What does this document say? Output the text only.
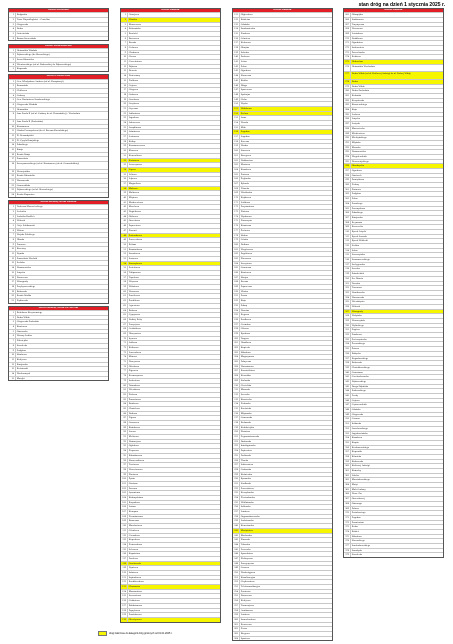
stan dróg na dzień 1 stycznia 2025 r.
DROGI KRAJOWE
1	Bulgarska
2	Trasa Niepodległości – Castellan
3	Głogowska
4	Dolna
5	Gniezieńska
6	Brama Szczecińska
DROGI WOJEWÓDZKIE
1	Hetmańska Wiadukt
2	Dąbrowskiego (do Słowackiego)
3	Szosa Obornicka
4	Wieniawskiego (od ul. Bukowskiej do Dąbrowskiego)
5	Kasprzaka
DROGI POWIATOWE
1	Gen. Władysława Andersa (od ul. Konspiracji)
2	Bosmańska
3	Chlebowa
4	Garbary
5	Gen. Kazimierza Sosnkowskiego
6	Głogowska Wiadukt
7	Hetmańska
8	Jana Pawła II (od ul. Garbary do ul. Hetmańskiej) - Wschodnia
9	Jana Pawła II (Zachodnia)
10	Kasztanowa
11	Głuska Przemysłowa (do ul. Boczna-Kowalskiego)
12	Pl. Bernardyński
13	Pl. Cyryla Ratajskiego
14	Pułaskiego
15	Rataje
16	Rondo Rataje
17	Zamenhofa
18	Szczepanowskiego (od ul. Kasztanowej do ul. Grunwaldzkiej)
19	Wenecjańska
20	Rondo Obornickie
21	Warszawska
22	Grunwaldzka
23	Dąbrowskiego (od ul. Słowackiego)
24	Rondo Kaponiera
DROGI WEWNĘTRZNE GMINNE
1	Tadeusza Mazowieckiego
2	Lechicka
3	Ludwika Braille'a
4	Wilczak
5	Aleje Solidarności
6	Witosa
7	Wojska Polskiego
8	Hlonda
9	Franowo
10	Krzesiny
11	Dymka
12	Zamenhofa Wschód
13	Serbska
14	Naramowicka
15	Lutycka
16	Dworcowa
17	Winogrady
18	Przybyszewskiego
19	Bukowska
20	Rondo Śródka
21	Piątkowska
DROGI WEWNĘTRZNE PRYWATNE
1	Bolesława Krzywoustego
2	Dolna Wilda
3	Głogowska Zachodnia
4	Krańcowa
5	Ostrowska
6	Wiosny Ludów
7	Półwiejska
8	Strzelecka
9	Podgórna
10	Skarbowa
11	Kolejowa
12	Ratajczaka
13	Kościuszki
14	Niezłomnych
15	Matejki
DROGI GMINNE
1	Akacjowa
2	Ułańska
3	Bluszczowa
4	Bobrzańska
5	Borówki
6	Brzozowa
7	Buczka
8	Cedrowa
9	Chabrowa
10	Cisowa
11	Czereśniowa
12	Dębowa
13	Derenia
14	Dziewanny
15	Fiołkowa
16	Gajowa
17	Głogowa
18	Grabowa
19	Grochowa
20	Grzybowa
21	Gryczana
22	Jabłoniowa
23	Jagodowa
24	Jałowcowa
25	Jarzębinowa
26	Jaśminowa
27	Jesionowa
28	Kaliny
29	Kasztanowcowa
30	Klonowa
31	Konwaliowa
32	Kwiatowa
33	Leszczynowa
34	Lipowa
35	Liliowa
36	Łąkowa
37	Magnoliowa
38	Makowa
39	Malinowa
40	Miętowa
41	Modrzewiowa
42	Morelowa
43	Nagietkowa
44	Olchowa
45	Orzechowa
46	Paprociowa
47	Piwonii
48	Poziomkowa
49	Porzeczkowa
50	Różana
51	Rumiankowa
52	Sasankowa
53	Sosnowa
54	Storczykowa
55	Świerkowa
56	Tulipanowa
57	Topolowa
58	Wiązowa
59	Wiśniowa
60	Wrzosowa
61	Zawilcowa
62	Żonkilowa
63	Agrestowa
64	Bukowa
65	Cyprysowa
66	Dzikiej Róży
67	Forsycjowa
68	Goździkowa
69	Hiacyntowa
70	Irysowa
71	Jodłowa
72	Kalinowa
73	Lawendowa
74	Mirtowa
75	Narcyzowa
76	Oliwkowa
77	Pigwowa
78	Rozmarynowa
79	Szałwiowa
80	Tatarakowa
81	Wierzbowa
82	Ziołowa
83	Żurawinowa
84	Bratkowa
85	Chmielowa
86	Daliowa
87	Figowa
88	Gruszowa
89	Kminkowa
90	Lnowa
91	Melisowa
92	Nasturcjowa
93	Ogórkowa
94	Pieprzowa
95	Rabarbarowa
96	Słonecznikowa
97	Trzcinowa
98	Wrzecionowa
99	Zbożowa
100	Żytnia
101	Owsiana
102	Pszenna
103	Jęczmienna
104	Kukurydziana
105	Rzepakowa
106	Lniana
107	Konopna
108	Ziemniaczana
109	Buraczana
110	Marchwiowa
111	Cebulowa
112	Czosnkowa
113	Koperkowa
114	Pietruszkowa
115	Selerowa
116	Kapuściana
117	Fasolowa
118	Grochowska
119	Dyniowa
120	Sałatowa
121	Szpinakowa
122	Rzodkiewkowa
123	Chrzanowa
124	Musztardowa
125	Szczawiowa
126	Cukiniowa
127	Bakłażanowa
128	Paprykowa
129	Pomidorowa
130	Oberżynowa
DROGI GMINNE
131	Olgierdowa
132	Rubieżna
133	Gdańska
134	Sandomierska
135	Piaskowa
136	Górnicza
137	Kolorowa
138	Okrężna
139	Szkolna
140	Parkowa
141	Leśna
142	Polna
143	Ogrodowa
144	Słoneczna
145	Krótka
146	Długa
147	Spacerowa
148	Spokojna
149	Cicha
150	Wąska
151	Widokowa
152	Zielona
153	Jasna
154	Wesoła
155	Miła
156	Pogodna
157	Łagodna
158	Rzeczna
159	Wodna
160	Stawowa
161	Brzegowa
162	Nadbrzeżna
163	Mostowa
164	Kanałowa
165	Portowa
166	Żeglarska
167	Rybacka
168	Flisacka
169	Wioślarska
170	Kajakowa
171	Łódkowa
172	Przystaniowa
173	Plażowa
174	Wydmowa
175	Piaszczysta
176	Kamienna
177	Żwirowa
178	Skalna
179	Górska
180	Dolinna
181	Wzgórzowa
182	Pagórkowa
183	Zboczowa
184	Szczytowa
185	Graniczna
186	Krańcowa
187	Skrajna
188	Boczna
189	Poprzeczna
190	Ukośna
191	Prosta
192	Kręta
193	Zakręt
194	Narożna
195	Rogowa
196	Środkowa
197	Centralna
198	Główna
199	Rynkowa
200	Targowa
201	Handlowa
202	Kupiecka
203	Składowa
204	Magazynowa
205	Fabryczna
206	Warsztatowa
207	Rzemieślnicza
208	Kowalska
209	Stolarska
210	Ciesielska
211	Murarska
212	Szewska
213	Krawiecka
214	Piekarska
215	Rzeźnicka
216	Młynarska
217	Garncarska
218	Bednarska
219	Kołodziejska
220	Złotnicza
221	Zegarmistrzowska
222	Drukarska
223	Introligatorska
224	Papiernicza
225	Farbiarska
226	Tkacka
227	Sukiennicza
228	Garbarska
229	Kuśnierska
230	Rymarska
231	Siodlarska
232	Powroźnicza
233	Koszykarska
234	Plecionkarska
235	Wikliniarska
236	Szklarska
237	Lutnicza
238	Organmistrzowska
239	Ludwisarska
240	Konwisarska
241	Mosiężnicza
242	Blacharska
243	Ślusarska
244	Tokarska
245	Frezerska
246	Spawalnicza
247	Elektryczna
248	Energetyczna
249	Gazowa
250	Wodociągowa
251	Kanalizacyjna
252	Ciepłownicza
253	Telekomunikacyjna
254	Pocztowa
255	Dworcowa
256	Kolejowa
257	Tramwajowa
258	Autobusowa
259	Lotnicza
260	Samochodowa
261	Rowerowa
262	Piesza
263	Biegowa
264	Sportowa
DROGI GMINNE
265	Olimpijska
266	Stadionowa
267	Turystyczna
268	Wczasowa
269	Letniskowa
270	Działkowa
271	Ogrodnicza
272	Sadownicza
273	Pszczelarska
274	Rolnicza
275	Hodowlana
276	Hetmańska Wschodnia
277	Dolna Wilda (od ul. Królowej Jadwigi do ul. Dolnej Wildy)
278	Dolna
279	Dolna Wilda
280	Dolna Zachodnia
281	Kolumba
282	Kosynierska
283	Kraszewskiego
284	Kręta
285	Lodowa
286	Lutycka
287	Łużycka
288	Mazowiecka
289	Mickiewicza
290	Mielżyńskiego
291	Młyńska
292	Morasko
293	Naramowicka
294	Niegolewskich
295	Nowowiejskiego
296	Obodrzycka
297	Ogrodowa
298	Ostrówek
299	Pamiątkowa
300	Piekary
301	Piotrowo
302	Podgórna
303	Polna
304	Posadzego
305	Przemysłowa
306	Pułaskiego
307	Ratajczaka
308	Reymonta
309	Roosevelta
310	Rynek Jeżycki
311	Rynek Łazarski
312	Rynek Wildecki
313	Sielska
314	Solna
315	Strzeszyńska
316	Szamarzewskiego
317	Szelągowska
318	Szeroka
319	Śniadeckich
320	Św. Marcin
321	Taczaka
322	Towarowa
323	Umultowska
324	Warszawska
325	Wierzbięcice
326	Wilczak
327	Winogrady
328	Wołyńska
329	Wronczyńska
330	Wybickiego
331	Zagórze
332	Zamkowa
333	Zwierzyniecka
334	Żeromskiego
335	Żniwna
336	Bałtycka
337	Bogusławskiego
338	Bukowska
339	Chwiałkowskiego
340	Cmentarna
341	Czechosłowacka
342	Dąbrowskiego
343	Droga Dębińska
344	Estkowskiego
345	Fredry
346	Gajowa
347	Gąsiorowskich
348	Gdańska
349	Głogowska
350	Gwarna
351	Inflancka
352	Jarochowskiego
353	Jugosłowiańska
354	Kanałowa
355	Karpia
356	Kochanowskiego
357	Kopernika
358	Kórnicka
359	Krakowska
360	Królowej Jadwigi
361	Kutrzeby
362	Libelta
363	Marcinkowskiego
364	Matyi
365	Małe Garbary
366	Nowe Zoo
367	Orzeszkowej
368	Ostroroga
369	Palacza
370	Pestalozziego
371	Pogodna
372	Promienista
373	Rolna
374	Rubież
375	Składowa
376	Słowackiego
377	Smoluchowskiego
378	Starołęcka
379	Strzelecka
drogi zaliczone do kategorii dróg gminnych od 01.01.2025 r.
